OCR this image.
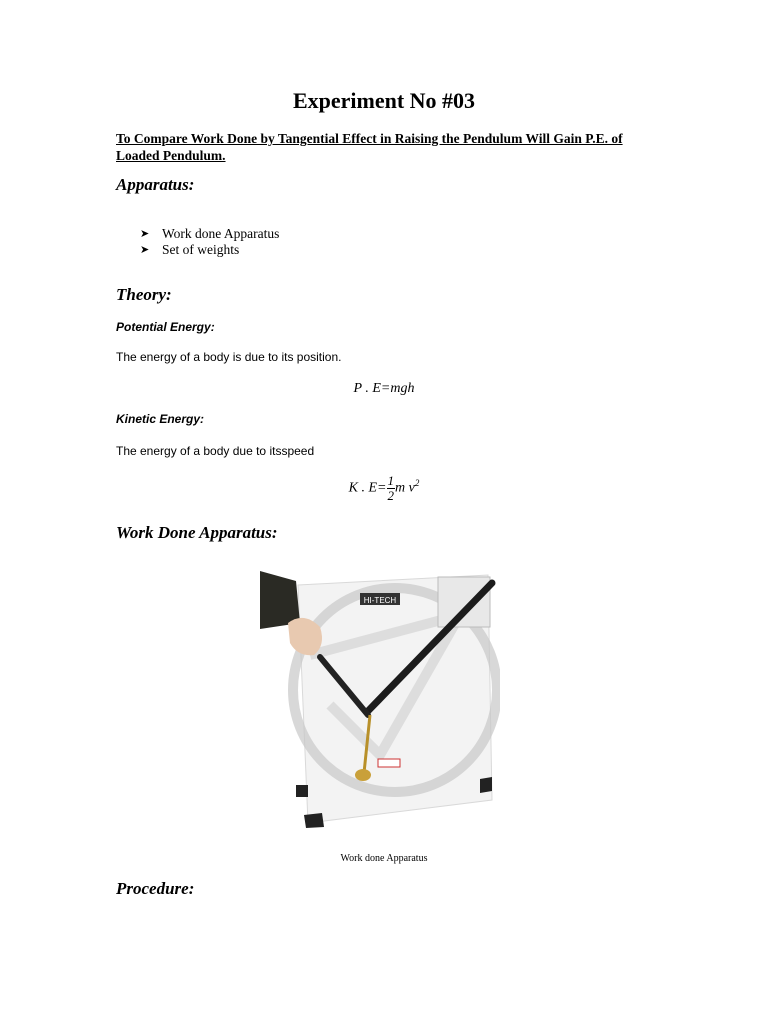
Experiment No #03
To Compare Work Done by Tangential Effect in Raising the Pendulum Will Gain P.E. of Loaded Pendulum.
Apparatus:
➤ Work done Apparatus
➤ Set of weights
Theory:
Potential Energy:
The energy of a body is due to its position.
P . E=mgh
Kinetic Energy:
The energy of a body due to itsspeed
K . $E= \frac{1}{2}$ m $v^2$
Work Done Apparatus:
HI-TECH
Work done Apparatus
Procedure:
